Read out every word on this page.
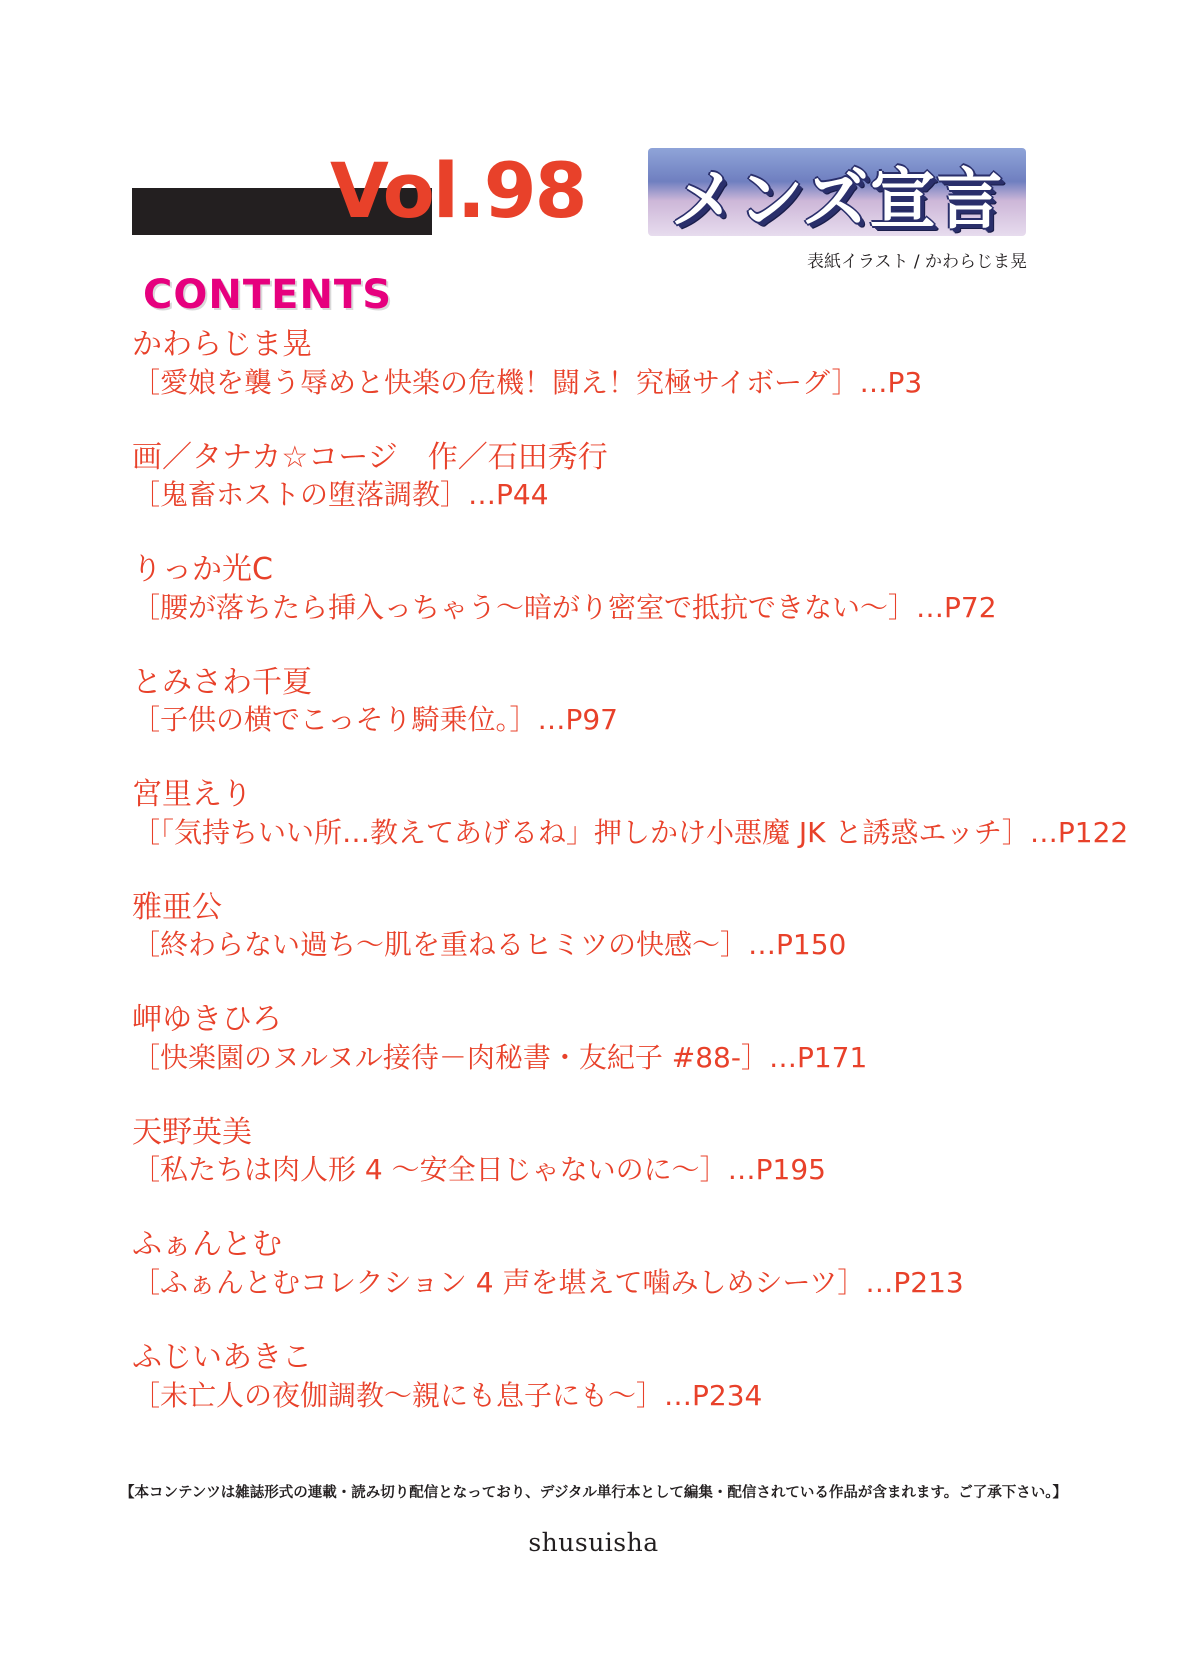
Vol.98	メンズ宣言
表紙イラスト / かわらじま晃
CONTENTS
かわらじま晃
［愛娘を襲う辱めと快楽の危機！闘え！究極サイボーグ］…P3
画／タナカ☆コージ　作／石田秀行
［鬼畜ホストの堕落調教］…P44
りっか光C
［腰が落ちたら挿入っちゃう～暗がり密室で抵抗できない～］…P72
とみさわ千夏
［子供の横でこっそり騎乗位。］…P97
宮里えり
［「気持ちいい所…教えてあげるね」押しかけ小悪魔 JK と誘惑エッチ］…P122
雅亜公
［終わらない過ち～肌を重ねるヒミツの快感～］…P150
岬ゆきひろ
［快楽園のヌルヌル接待－肉秘書・友紀子 #88-］…P171
天野英美
［私たちは肉人形 4 ～安全日じゃないのに～］…P195
ふぁんとむ
［ふぁんとむコレクション 4 声を堪えて噛みしめシーツ］…P213
ふじいあきこ
［未亡人の夜伽調教～親にも息子にも～］…P234
【本コンテンツは雑誌形式の連載・読み切り配信となっており、デジタル単行本として編集・配信されている作品が含まれます。ご了承下さい。】
shusuisha
